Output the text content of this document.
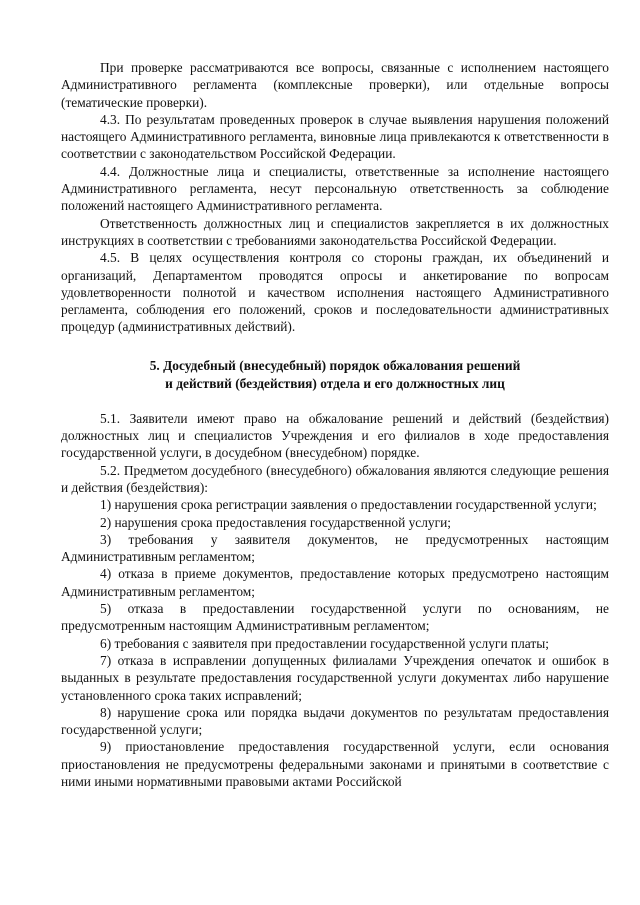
При проверке рассматриваются все вопросы, связанные с исполнением настоящего Административного регламента (комплексные проверки), или отдельные вопросы (тематические проверки).

4.3. По результатам проведенных проверок в случае выявления нарушения положений настоящего Административного регламента, виновные лица привлекаются к ответственности в соответствии с законодательством Российской Федерации.

4.4. Должностные лица и специалисты, ответственные за исполнение настоящего Административного регламента, несут персональную ответственность за соблюдение положений настоящего Административного регламента.

Ответственность должностных лиц и специалистов закрепляется в их должностных инструкциях в соответствии с требованиями законодательства Российской Федерации.

4.5. В целях осуществления контроля со стороны граждан, их объединений и организаций, Департаментом проводятся опросы и анкетирование по вопросам удовлетворенности полнотой и качеством исполнения настоящего Административного регламента, соблюдения его положений, сроков и последовательности административных процедур (административных действий).

5. Досудебный (внесудебный) порядок обжалования решений
и действий (бездействия) отдела и его должностных лиц

5.1. Заявители имеют право на обжалование решений и действий (бездействия) должностных лиц и специалистов Учреждения и его филиалов в ходе предоставления государственной услуги, в досудебном (внесудебном) порядке.

5.2. Предметом досудебного (внесудебного) обжалования являются следующие решения и действия (бездействия):

1) нарушения срока регистрации заявления о предоставлении государственной услуги;

2) нарушения срока предоставления государственной услуги;

3) требования у заявителя документов, не предусмотренных настоящим Административным регламентом;

4) отказа в приеме документов, предоставление которых предусмотрено настоящим Административным регламентом;

5) отказа в предоставлении государственной услуги по основаниям, не предусмотренным настоящим Административным регламентом;

6) требования с заявителя при предоставлении государственной услуги платы;

7) отказа в исправлении допущенных филиалами Учреждения опечаток и ошибок в выданных в результате предоставления государственной услуги документах либо нарушение установленного срока таких исправлений;

8) нарушение срока или порядка выдачи документов по результатам предоставления государственной услуги;

9) приостановление предоставления государственной услуги, если основания приостановления не предусмотрены федеральными законами и принятыми в соответствие с ними иными нормативными правовыми актами Российской
